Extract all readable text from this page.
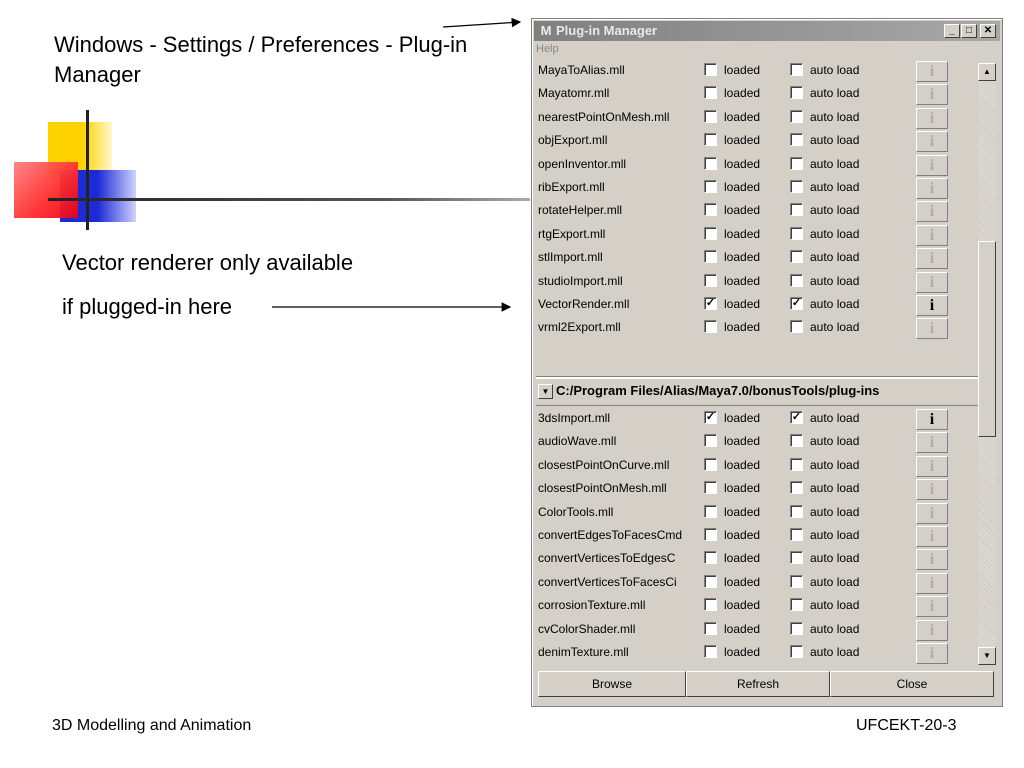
Windows - Settings / Preferences - Plug-in Manager
Vector renderer only available
if plugged-in here
3D Modelling and Animation	UFCEKT-20-3
M Plug-in Manager	_	□	✕
Help
MayaToAlias.mll	loaded	auto load	i
Mayatomr.mll	loaded	auto load	i
nearestPointOnMesh.mll	loaded	auto load	i
objExport.mll	loaded	auto load	i
openInventor.mll	loaded	auto load	i
ribExport.mll	loaded	auto load	i
rotateHelper.mll	loaded	auto load	i
rtgExport.mll	loaded	auto load	i
stlImport.mll	loaded	auto load	i
studioImport.mll	loaded	auto load	i
VectorRender.mll	✓ loaded	✓ auto load	i
vrml2Export.mll	loaded	auto load	i
▼ C:/Program Files/Alias/Maya7.0/bonusTools/plug-ins
3dsImport.mll	✓ loaded	✓ auto load	i
audioWave.mll	loaded	auto load	i
closestPointOnCurve.mll	loaded	auto load	i
closestPointOnMesh.mll	loaded	auto load	i
ColorTools.mll	loaded	auto load	i
convertEdgesToFacesCmd	loaded	auto load	i
convertVerticesToEdgesC	loaded	auto load	i
convertVerticesToFacesCi	loaded	auto load	i
corrosionTexture.mll	loaded	auto load	i
cvColorShader.mll	loaded	auto load	i
denimTexture.mll	loaded	auto load	i
▲
▼
Browse	Refresh	Close
